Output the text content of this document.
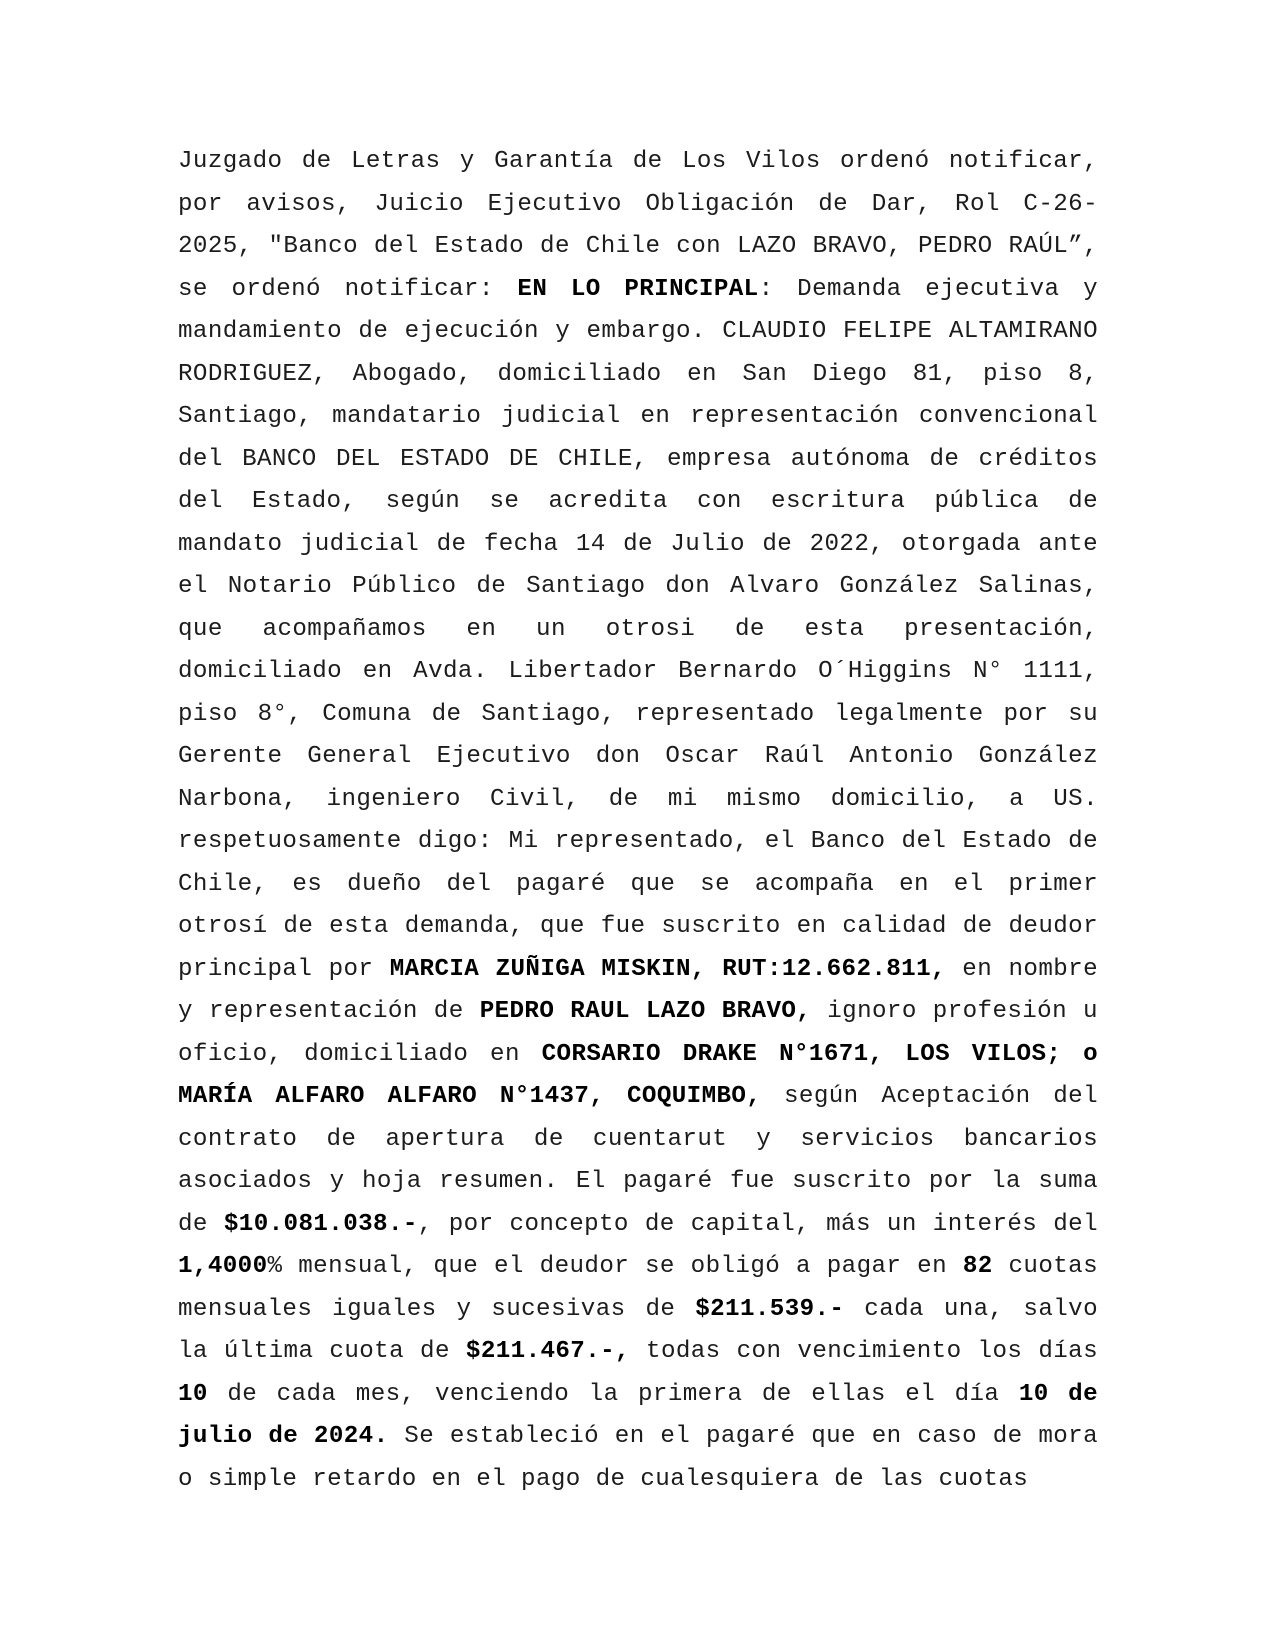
Juzgado de Letras y Garantía de Los Vilos ordenó notificar, por avisos, Juicio Ejecutivo Obligación de Dar, Rol C-26-2025, "Banco del Estado de Chile con LAZO BRAVO, PEDRO RAÚL”, se ordenó notificar: EN LO PRINCIPAL: Demanda ejecutiva y mandamiento de ejecución y embargo. CLAUDIO FELIPE ALTAMIRANO RODRIGUEZ, Abogado, domiciliado en San Diego 81, piso 8, Santiago, mandatario judicial en representación convencional del BANCO DEL ESTADO DE CHILE, empresa autónoma de créditos del Estado, según se acredita con escritura pública de mandato judicial de fecha 14 de Julio de 2022, otorgada ante el Notario Público de Santiago don Alvaro González Salinas, que acompañamos en un otrosi de esta presentación, domiciliado en Avda. Libertador Bernardo O´Higgins N° 1111, piso 8°, Comuna de Santiago, representado legalmente por su Gerente General Ejecutivo don Oscar Raúl Antonio González Narbona, ingeniero Civil, de mi mismo domicilio, a US. respetuosamente digo: Mi representado, el Banco del Estado de Chile, es dueño del pagaré que se acompaña en el primer otrosí de esta demanda, que fue suscrito en calidad de deudor principal por MARCIA ZUÑIGA MISKIN, RUT:12.662.811, en nombre y representación de PEDRO RAUL LAZO BRAVO, ignoro profesión u oficio, domiciliado en CORSARIO DRAKE N°1671, LOS VILOS; o MARÍA ALFARO ALFARO N°1437, COQUIMBO, según Aceptación del contrato de apertura de cuentarut y servicios bancarios asociados y hoja resumen. El pagaré fue suscrito por la suma de $10.081.038.-, por concepto de capital, más un interés del 1,4000% mensual, que el deudor se obligó a pagar en 82 cuotas mensuales iguales y sucesivas de $211.539.- cada una, salvo la última cuota de $211.467.-, todas con vencimiento los días 10 de cada mes, venciendo la primera de ellas el día 10 de julio de 2024. Se estableció en el pagaré que en caso de mora o simple retardo en el pago de cualesquiera de las cuotas
